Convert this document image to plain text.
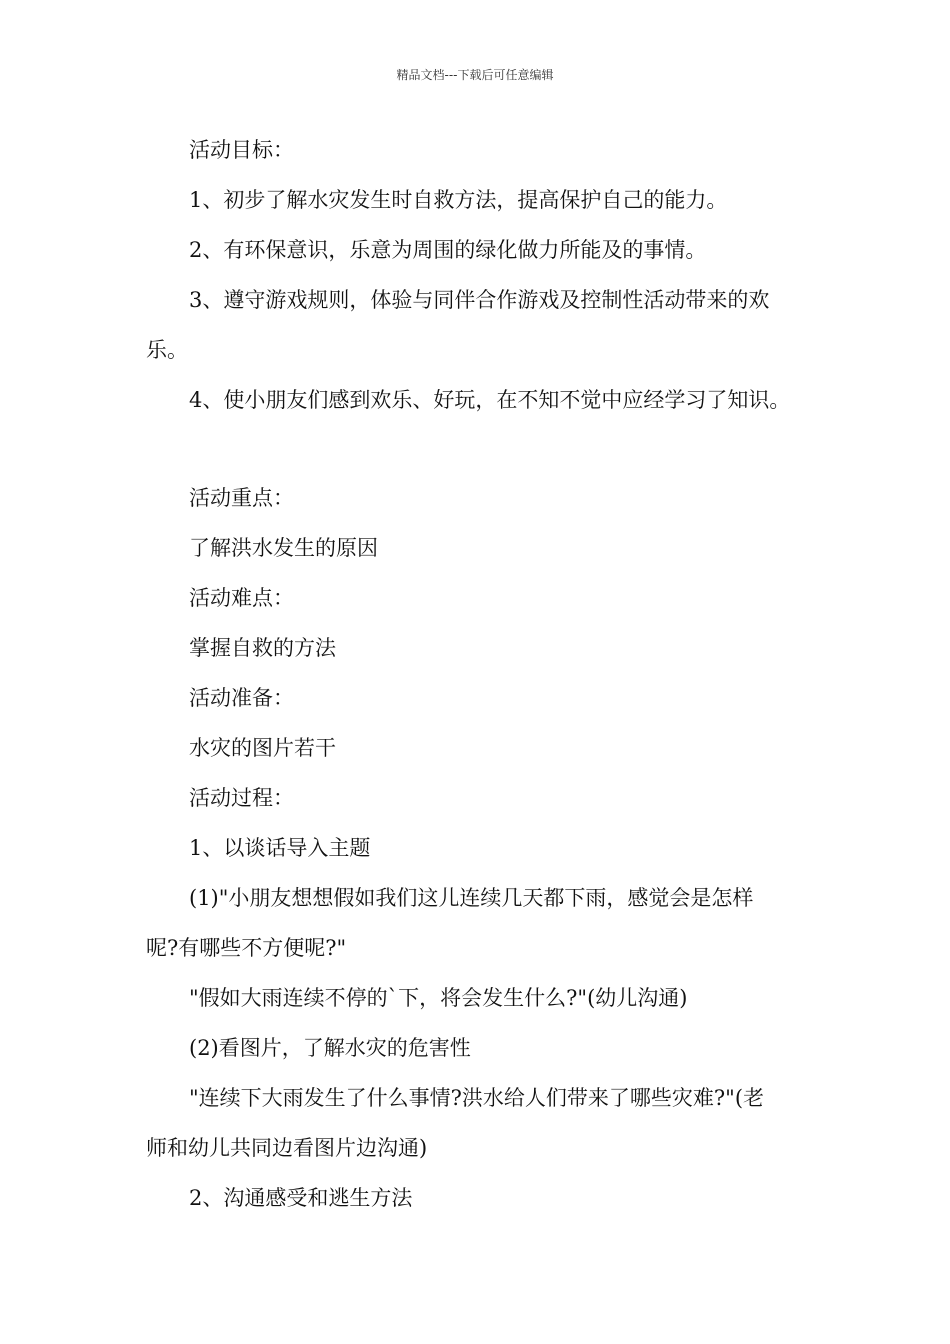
精品文档---下载后可任意编辑
活动目标：
1、初步了解水灾发生时自救方法，提高保护自己的能力。
2、有环保意识，乐意为周围的绿化做力所能及的事情。
3、遵守游戏规则，体验与同伴合作游戏及控制性活动带来的欢
乐。
4、使小朋友们感到欢乐、好玩，在不知不觉中应经学习了知识。
活动重点：
了解洪水发生的原因
活动难点：
掌握自救的方法
活动准备：
水灾的图片若干
活动过程：
1、以谈话导入主题
(1)"小朋友想想假如我们这儿连续几天都下雨，感觉会是怎样
呢?有哪些不方便呢?"
"假如大雨连续不停的`下，将会发生什么?"(幼儿沟通)
(2)看图片，了解水灾的危害性
"连续下大雨发生了什么事情?洪水给人们带来了哪些灾难?"(老
师和幼儿共同边看图片边沟通)
2、沟通感受和逃生方法
